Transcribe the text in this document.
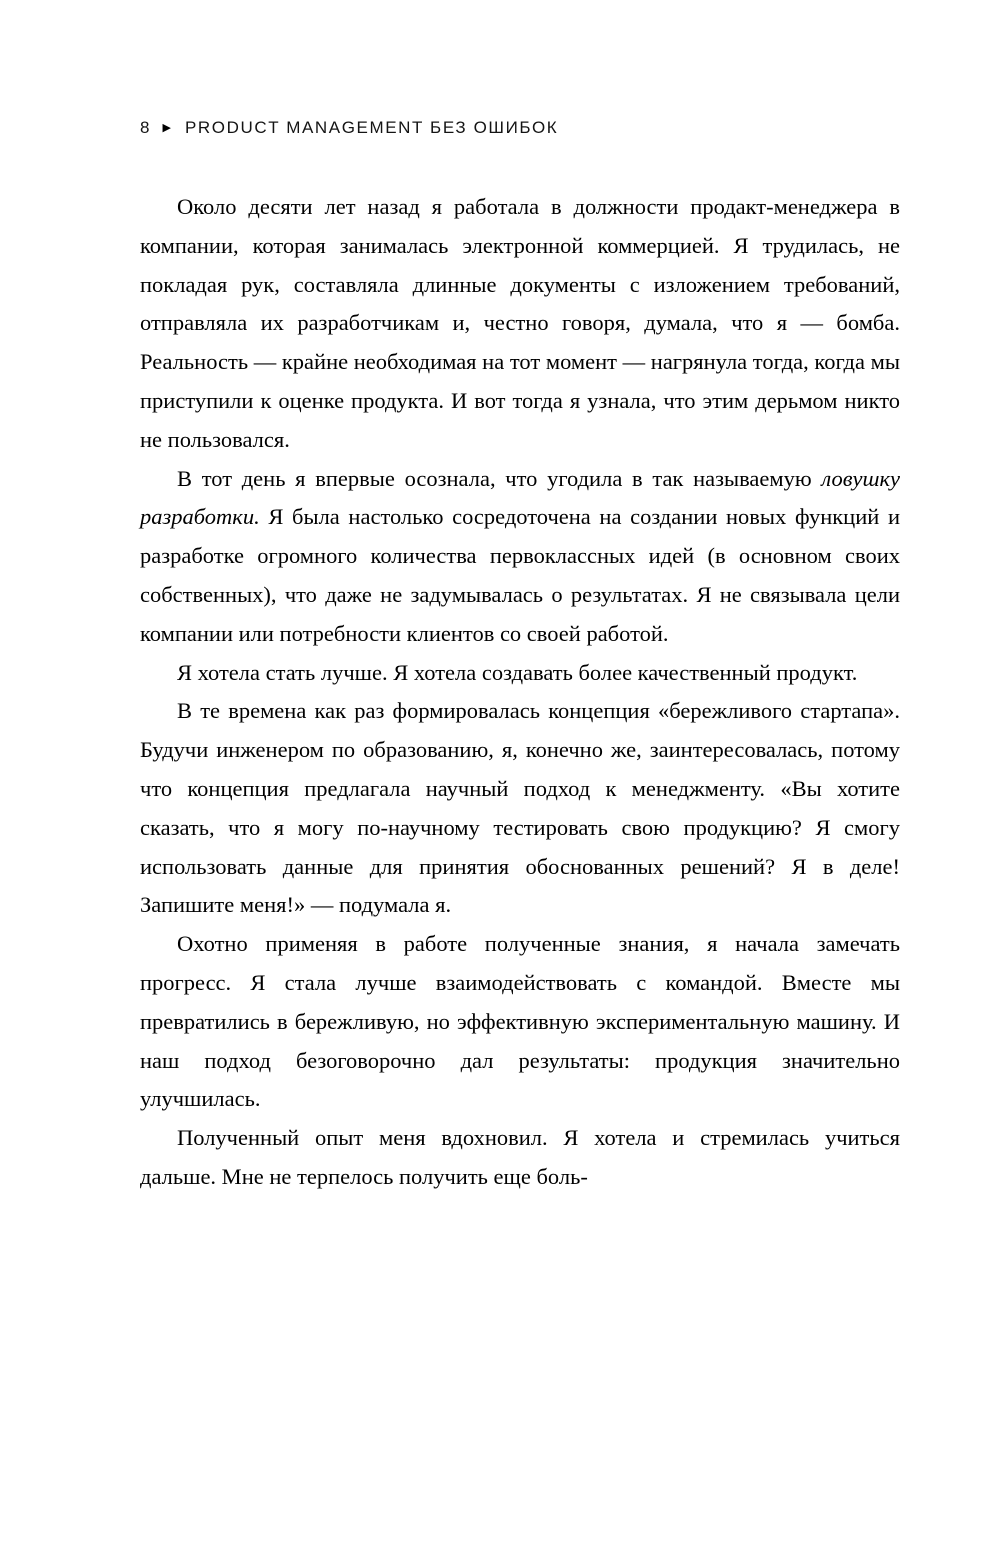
8 ▶ PRODUCT MANAGEMENT БЕЗ ОШИБОК

Около десяти лет назад я работала в должности продакт-менеджера в компании, которая занималась электронной коммерцией. Я трудилась, не покладая рук, составляла длинные документы с изложением требований, отправляла их разработчикам и, честно говоря, думала, что я — бомба. Реальность — крайне необходимая на тот момент — нагрянула тогда, когда мы приступили к оценке продукта. И вот тогда я узнала, что этим дерьмом никто не пользовался.

В тот день я впервые осознала, что угодила в так называемую ловушку разработки. Я была настолько сосредоточена на создании новых функций и разработке огромного количества первоклассных идей (в основном своих собственных), что даже не задумывалась о результатах. Я не связывала цели компании или потребности клиентов со своей работой.

Я хотела стать лучше. Я хотела создавать более качественный продукт.

В те времена как раз формировалась концепция «бережливого стартапа». Будучи инженером по образованию, я, конечно же, заинтересовалась, потому что концепция предлагала научный подход к менеджменту. «Вы хотите сказать, что я могу по-научному тестировать свою продукцию? Я смогу использовать данные для принятия обоснованных решений? Я в деле! Запишите меня!» — подумала я.

Охотно применяя в работе полученные знания, я начала замечать прогресс. Я стала лучше взаимодействовать с командой. Вместе мы превратились в бережливую, но эффективную экспериментальную машину. И наш подход безоговорочно дал результаты: продукция значительно улучшилась.

Полученный опыт меня вдохновил. Я хотела и стремилась учиться дальше. Мне не терпелось получить еще боль-
